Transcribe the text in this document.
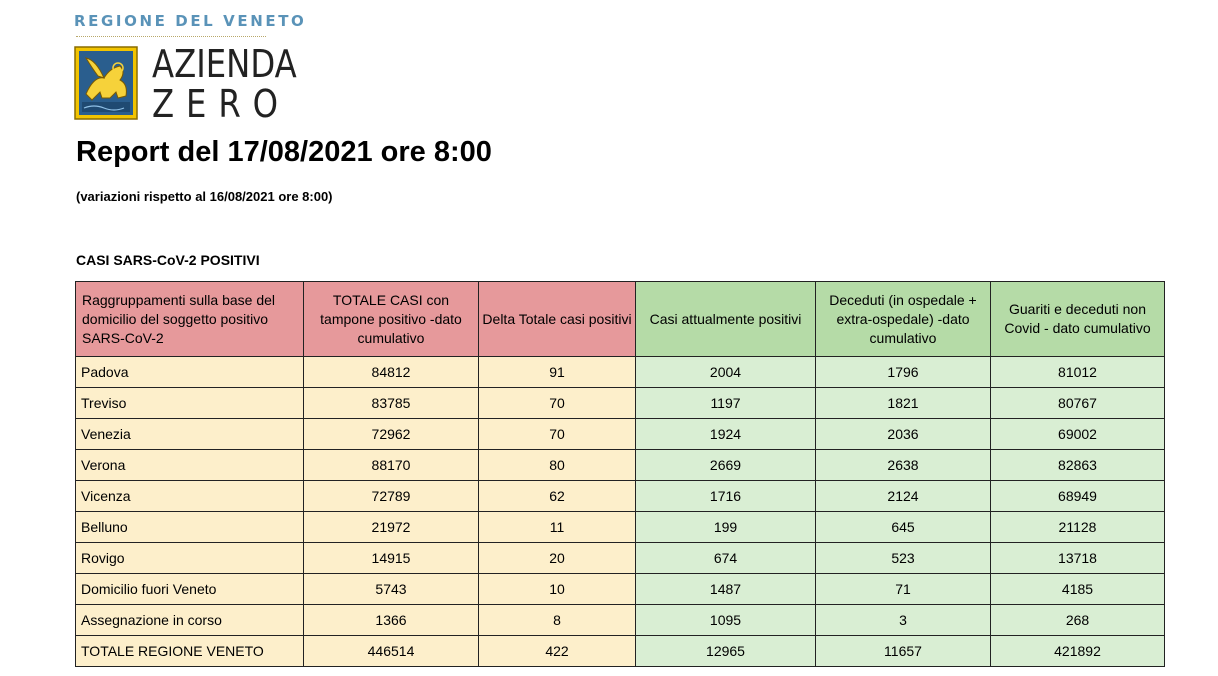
REGIONE DEL VENETO
AZIENDA
ZERO
Report del 17/08/2021 ore 8:00
(variazioni rispetto al 16/08/2021 ore 8:00)
CASI SARS-CoV-2 POSITIVI
Raggruppamenti sulla base del domicilio del soggetto positivo SARS-CoV-2	TOTALE CASI con tampone positivo -dato cumulativo	Delta Totale casi positivi	Casi attualmente positivi	Deceduti (in ospedale + extra-ospedale) -dato cumulativo	Guariti e deceduti non Covid - dato cumulativo
Padova	84812	91	2004	1796	81012
Treviso	83785	70	1197	1821	80767
Venezia	72962	70	1924	2036	69002
Verona	88170	80	2669	2638	82863
Vicenza	72789	62	1716	2124	68949
Belluno	21972	11	199	645	21128
Rovigo	14915	20	674	523	13718
Domicilio fuori Veneto	5743	10	1487	71	4185
Assegnazione in corso	1366	8	1095	3	268
TOTALE REGIONE VENETO	446514	422	12965	11657	421892
